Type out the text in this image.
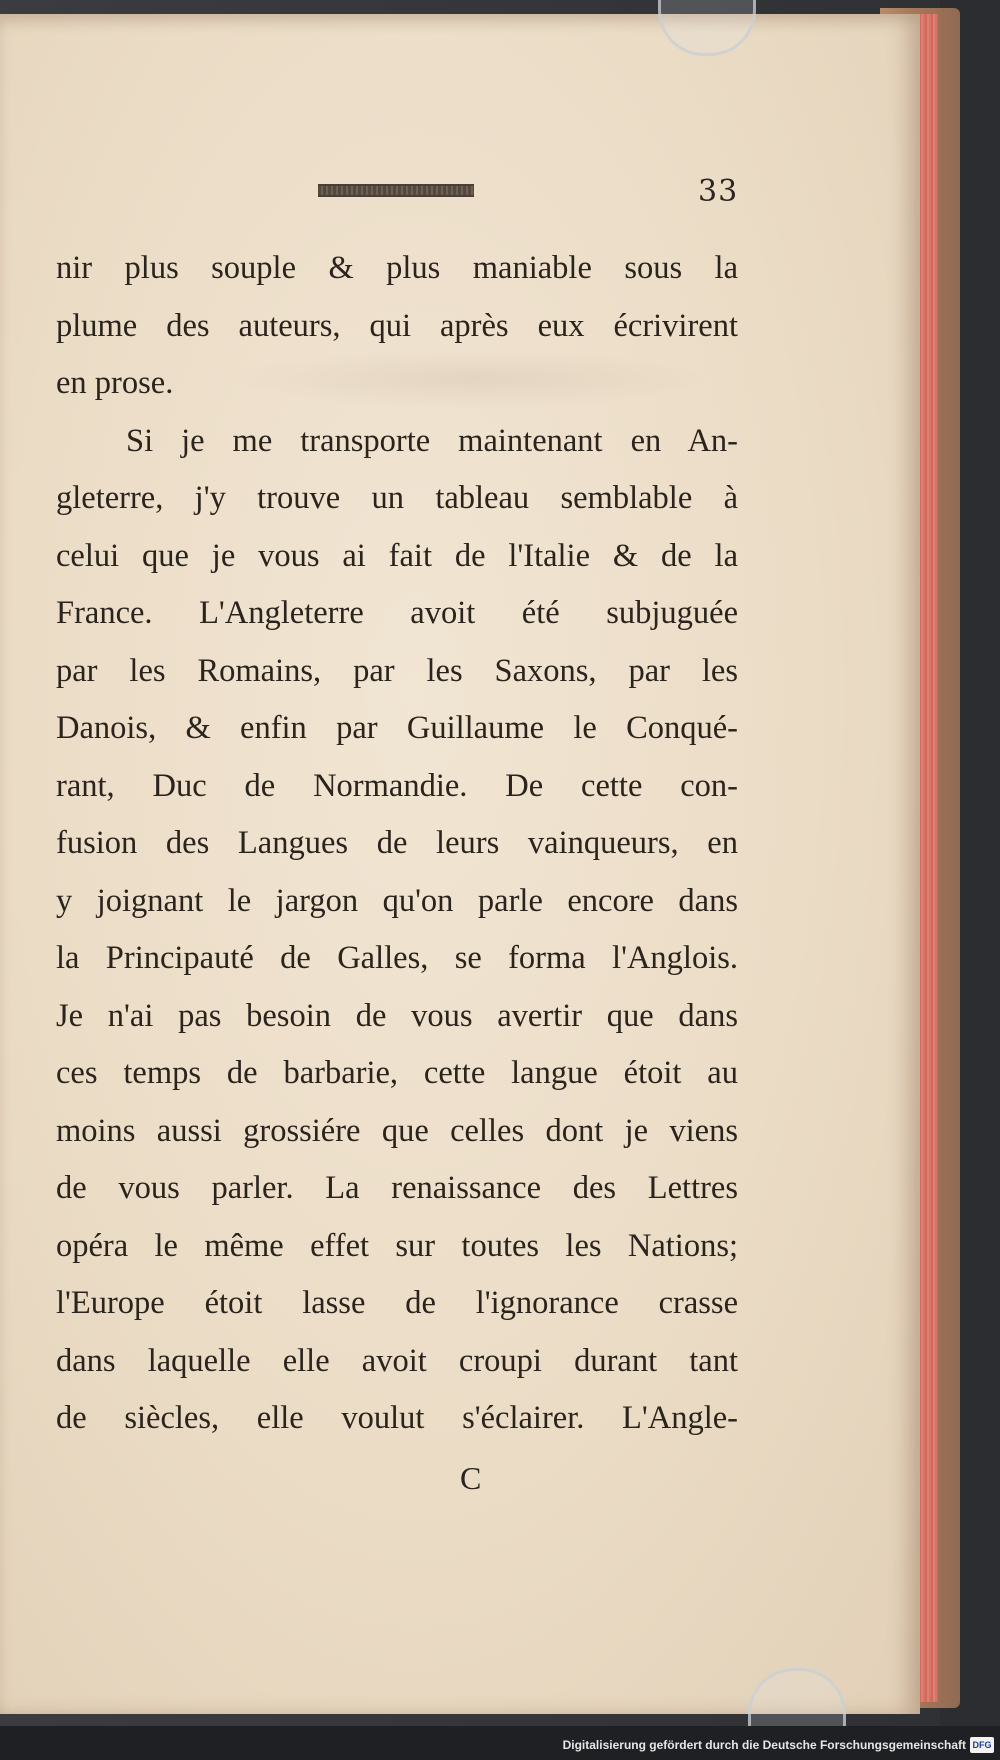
33
nir plus souple & plus maniable sous la
plume des auteurs, qui après eux écrivirent
en prose.
Si je me transporte maintenant en An-
gleterre, j'y trouve un tableau semblable à
celui que je vous ai fait de l'Italie & de la
France. L'Angleterre avoit été subjuguée
par les Romains, par les Saxons, par les
Danois, & enfin par Guillaume le Conqué-
rant, Duc de Normandie. De cette con-
fusion des Langues de leurs vainqueurs, en
y joignant le jargon qu'on parle encore dans
la Principauté de Galles, se forma l'Anglois.
Je n'ai pas besoin de vous avertir que dans
ces temps de barbarie, cette langue étoit au
moins aussi grossiére que celles dont je viens
de vous parler. La renaissance des Lettres
opéra le même effet sur toutes les Nations;
l'Europe étoit lasse de l'ignorance crasse
dans laquelle elle avoit croupi durant tant
de siècles, elle voulut s'éclairer. L'Angle-
C
Digitalisierung gefördert durch die Deutsche Forschungsgemeinschaft DFG
